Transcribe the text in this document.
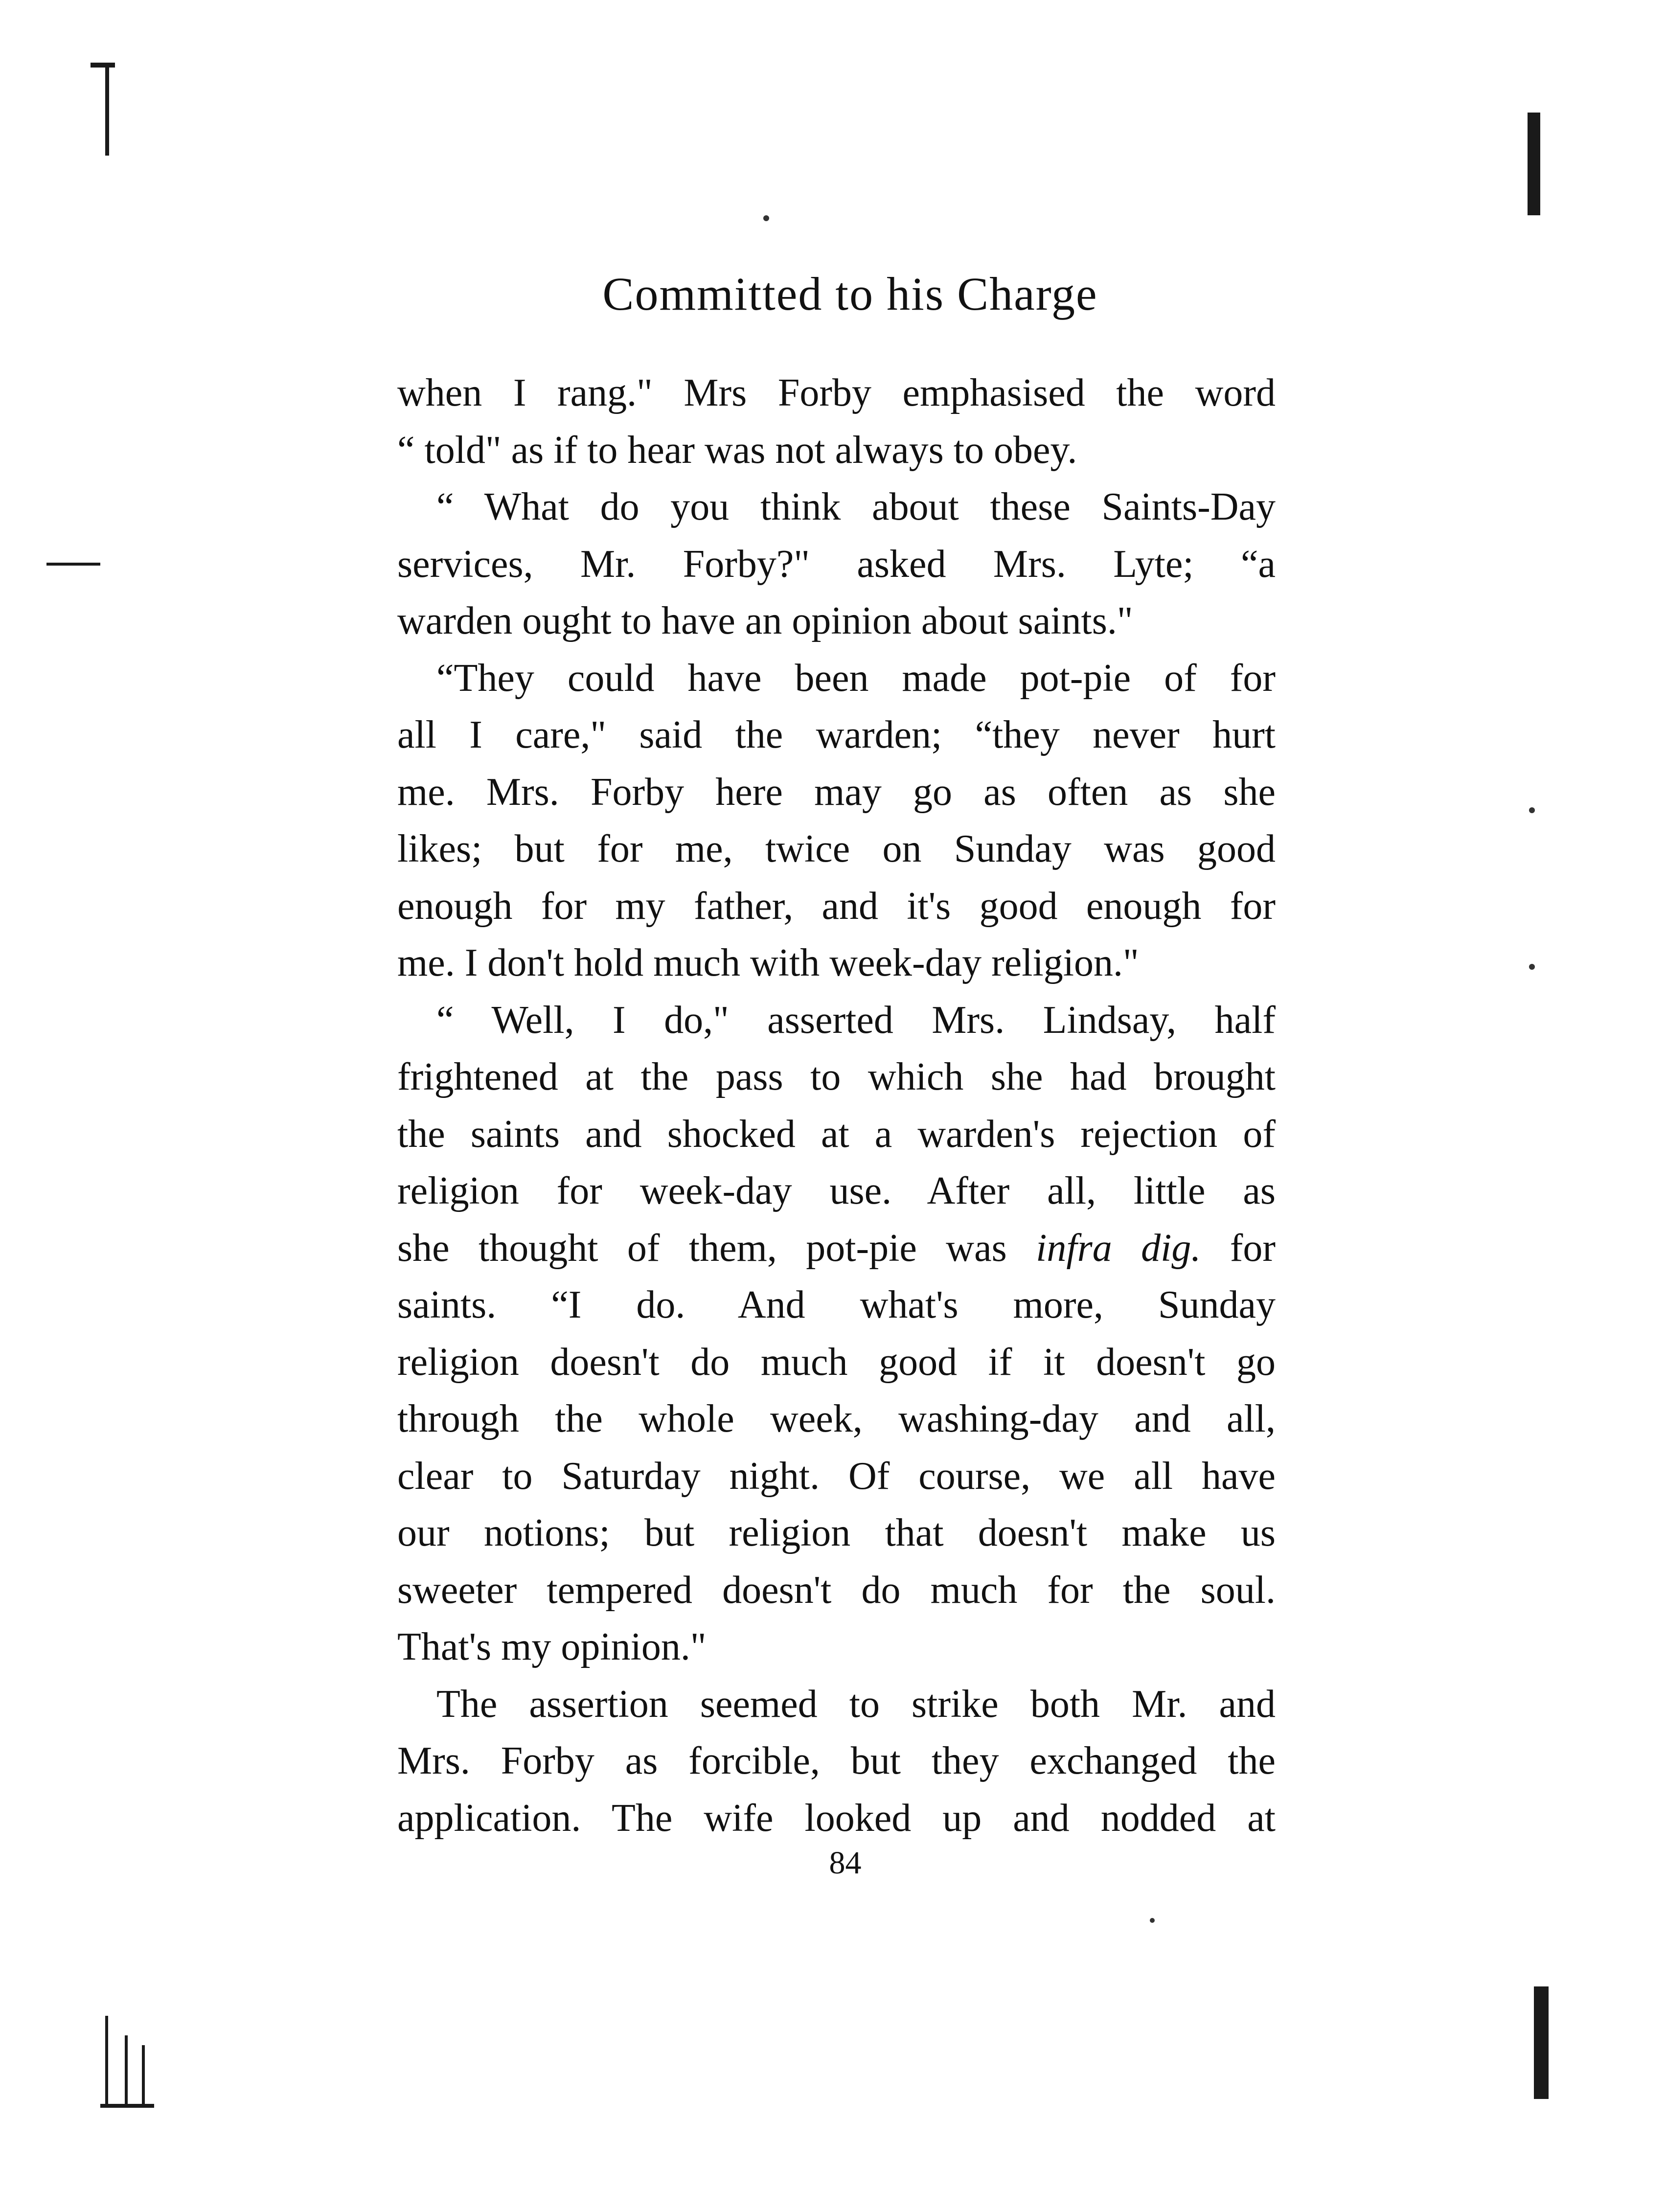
Committed to his Charge
when I rang." Mrs Forby emphasised the word
“ told" as if to hear was not always to obey.
“ What do you think about these Saints-Day
services, Mr. Forby?" asked Mrs. Lyte; “a
warden ought to have an opinion about saints."
“They could have been made pot-pie of for
all I care," said the warden; “they never hurt
me. Mrs. Forby here may go as often as she
likes; but for me, twice on Sunday was good
enough for my father, and it's good enough for
me. I don't hold much with week-day religion."
“ Well, I do," asserted Mrs. Lindsay, half
frightened at the pass to which she had brought
the saints and shocked at a warden's rejection of
religion for week-day use. After all, little as
she thought of them, pot-pie was infra dig. for
saints. “I do. And what's more, Sunday
religion doesn't do much good if it doesn't go
through the whole week, washing-day and all,
clear to Saturday night. Of course, we all have
our notions; but religion that doesn't make us
sweeter tempered doesn't do much for the soul.
That's my opinion."
The assertion seemed to strike both Mr. and
Mrs. Forby as forcible, but they exchanged the
application. The wife looked up and nodded at
84
